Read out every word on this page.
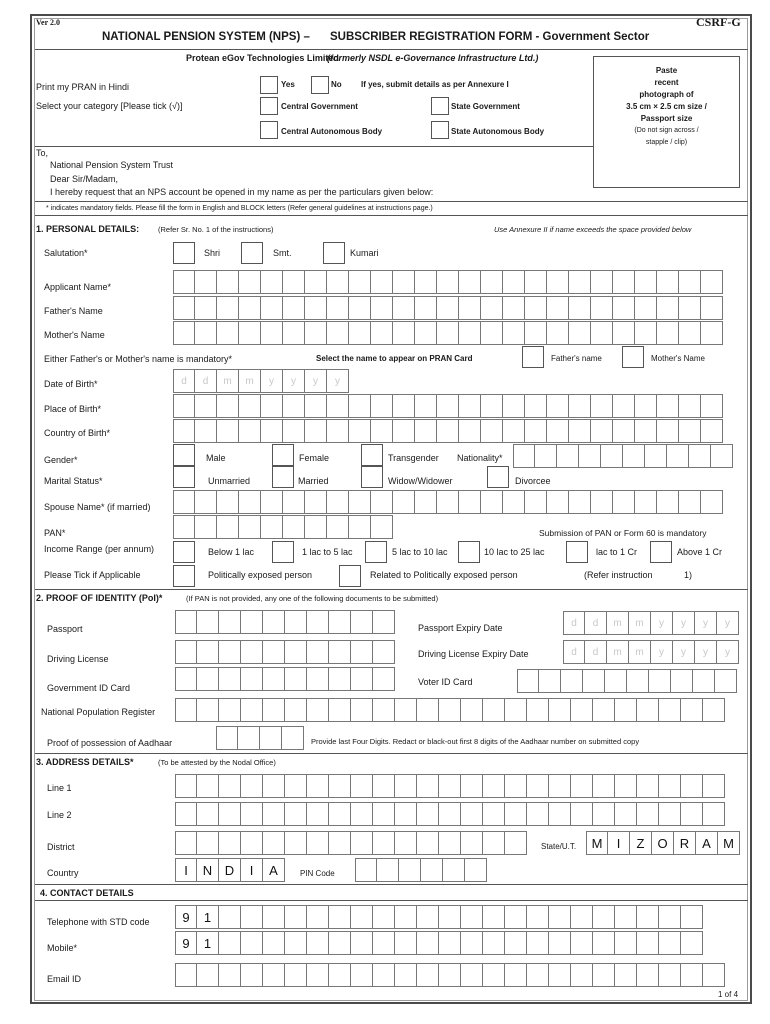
Ver 2.0	CSRF-G
NATIONAL PENSION SYSTEM (NPS) – SUBSCRIBER REGISTRATION FORM - Government Sector
Protean eGov Technologies Limited
(formerly NSDL e-Governance Infrastructure Ltd.)
Paste
recent
photograph of
3.5 cm × 2.5 cm size /
Passport size
(Do not sign across /
stapple / clip)
Print my PRAN in Hindi	Yes	No If yes, submit details as per Annexure I
Select your category [Please tick (√)]	Central Government	State Government
Central Autonomous Body	State Autonomous Body
To,
National Pension System Trust
Dear Sir/Madam,
I hereby request that an NPS account be opened in my name as per the particulars given below:
* indicates mandatory fields. Please fill the form in English and BLOCK letters (Refer general guidelines at instructions page.)
1. PERSONAL DETAILS:	(Refer Sr. No. 1 of the instructions)	Use Annexure II if name exceeds the space provided below
Salutation*	Shri	Smt.	Kumari
Applicant Name*
Father's Name
Mother's Name
Either Father's or Mother's name is mandatory*	Select the name to appear on PRAN Card	Father's name	Mother's Name
Date of Birth*	d	d	m	m	y	y	y	y
Place of Birth*
Country of Birth*
Gender*	Male	Female	Transgender Nationality*
Marital Status*	Unmarried	Married	Widow/Widower	Divorcee
Spouse Name* (if married)
PAN*	Submission of PAN or Form 60 is mandatory
Income Range (per annum)	Below 1 lac	1 lac to 5 lac	5 lac to 10 lac	10 lac to 25 lac	lac to 1 Cr	Above 1 Cr
Please Tick if Applicable	Politically exposed person	Related to Politically exposed person	(Refer instruction	1)
2. PROOF OF IDENTITY (PoI)*	(If PAN is not provided, any one of the following documents to be submitted)
Passport	Passport Expiry Date	d	d	m	m	y	y	y	y
Driving License	Driving License Expiry Date	d	d	m	m	y	y	y	y
Government ID Card
Voter ID Card
National Population Register
Proof of possession of Aadhaar	Provide last Four Digits. Redact or black-out first 8 digits of the Aadhaar number on submitted copy
3. ADDRESS DETAILS*	(To be attested by the Nodal Office)
Line 1
Line 2
District	State/U.T.	M	I	Z O R A M
Country	I	N D	I	A	PIN Code
4. CONTACT DETAILS
Telephone with STD code	9	1
Mobile*	9	1
Email ID
1 of 4
